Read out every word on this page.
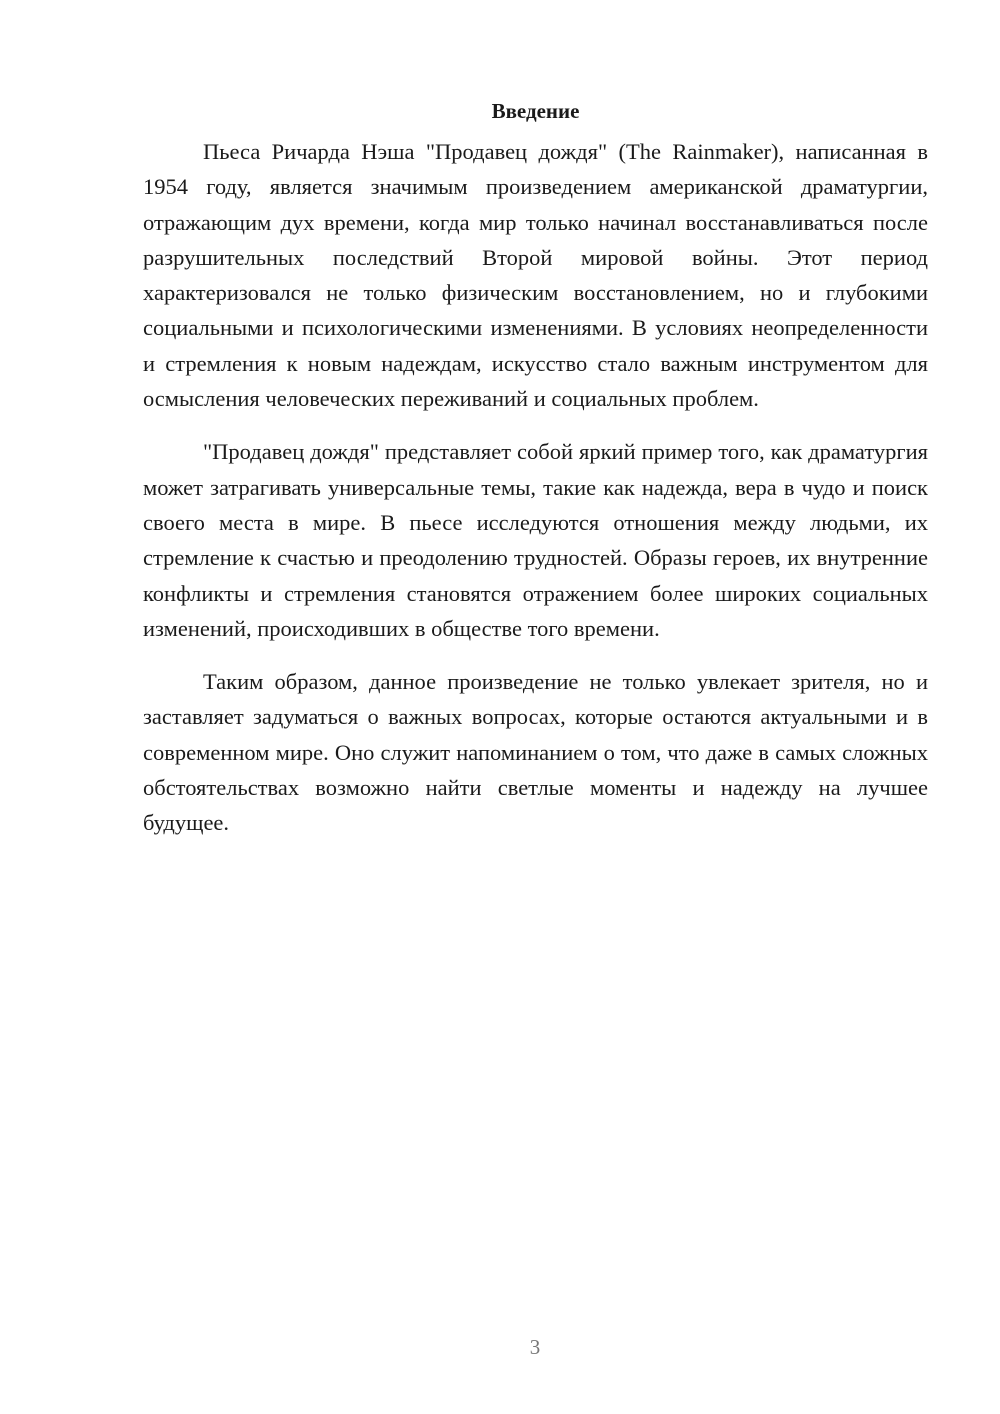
Введение

Пьеса Ричарда Нэша "Продавец дождя" (The Rainmaker), написанная в 1954 году, является значимым произведением американской драматургии, отражающим дух времени, когда мир только начинал восстанавливаться после разрушительных последствий Второй мировой войны. Этот период характеризовался не только физическим восстановлением, но и глубокими социальными и психологическими изменениями. В условиях неопределенности и стремления к новым надеждам, искусство стало важным инструментом для осмысления человеческих переживаний и социальных проблем.

"Продавец дождя" представляет собой яркий пример того, как драматургия может затрагивать универсальные темы, такие как надежда, вера в чудо и поиск своего места в мире. В пьесе исследуются отношения между людьми, их стремление к счастью и преодолению трудностей. Образы героев, их внутренние конфликты и стремления становятся отражением более широких социальных изменений, происходивших в обществе того времени.

Таким образом, данное произведение не только увлекает зрителя, но и заставляет задуматься о важных вопросах, которые остаются актуальными и в современном мире. Оно служит напоминанием о том, что даже в самых сложных обстоятельствах возможно найти светлые моменты и надежду на лучшее будущее.

3
